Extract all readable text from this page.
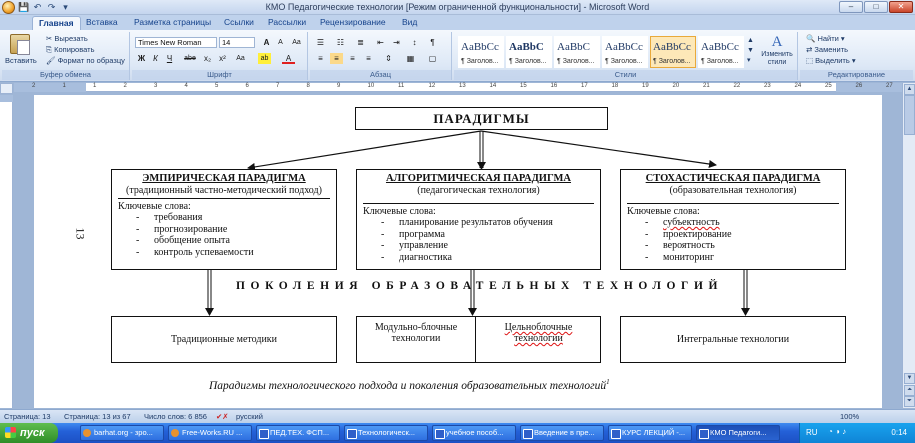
💾 ↶ ↷ ▾	КМО Педагогические технологии [Режим ограниченной функциональности] - Microsoft Word	–	□	✕
Главная	Вставка	Разметка страницы	Ссылки	Рассылки	Рецензирование	Вид
Вставить
✂ Вырезать
⎘ Копировать
🖌 Формат по образцу
Буфер обмена
Times New Roman	14	A	A	Aa
Ж	К	Ч	abe	x₂	x²	Aa	ab	A
Шрифт
☰	☷	≣	⇤	⇥	↕	¶
≡	≡	≡	≡	⇕	▦	▢
Абзац
AaBbCc
¶ Заголов...
AaBbC
¶ Заголов...
AaBbC
¶ Заголов...
AaBbCc
¶ Заголов...
AaBbCc
¶ Заголов...
AaBbCc
¶ Заголов...
▲
▼
▾
A
Изменить стили
Стили
🔍 Найти ▾
⇄ Заменить
⬚ Выделить ▾
Редактирование
2	1	1	2	3	4	5	6	7	8	9	10	11	12	13	14	15	16	17	18	19	20	21	22	23	24	25	26	27	▲
▼
⏶
⏷
13
ПАРАДИГМЫ
ЭМПИРИЧЕСКАЯ ПАРАДИГМА
(традиционный частно-методический подход)
Ключевые слова:
- требования
- прогнозирование
- обобщение опыта
- контроль успеваемости
АЛГОРИТМИЧЕСКАЯ ПАРАДИГМА
(педагогическая технология)
Ключевые слова:
- планирование результатов обучения
- программа
- управление
- диагностика
СТОХАСТИЧЕСКАЯ ПАРАДИГМА
(образовательная технология)
Ключевые слова:
- субъектность
- проектирование
- вероятность
- мониторинг
ПОКОЛЕНИЯ ОБРАЗОВАТЕЛЬНЫХ ТЕХНОЛОГИЙ
Традиционные методики
Модульно-блочные технологии
Цельноблочные технологии	Интегральные технологии
Парадигмы технологического подхода и поколения образовательных технологий$^1$
Страница: 13 Страница: 13 из 67 Число слов: 6 856 ✔✗ русский	100%
пуск	barhat.org - зро...	Free-Works.RU ...	ПЕД.ТЕХ. ФСП...	Технологическ...	учебное пособ...	Введение в пре...	КУРС ЛЕКЦИЙ -...	КМО Педагоги...	RU ◔ ◑ ♪	0:14
